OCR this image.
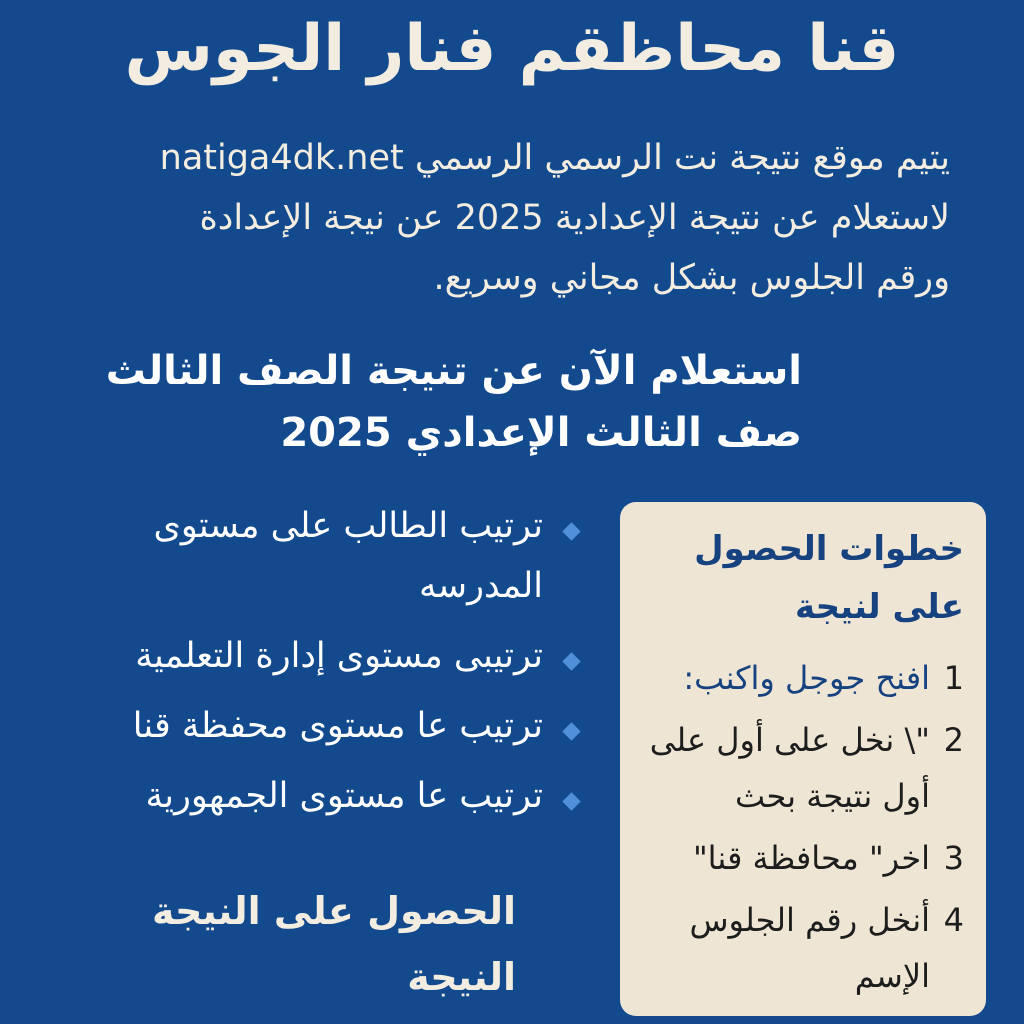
قنا محاظقم فنار الجوس
يتيم موقع نتيجة نت الرسمي الرسمي natiga4dk.net
لاستعلام عن نتيجة الإعدادية 2025 عن نيجة الإعدادة
ورقم الجلوس بشكل مجاني وسريع.
استعلام الآن عن تنيجة الصف الثالث
صف الثالث الإعدادي 2025
ترتيب الطالب على مستوى المدرسه
ترتيبى مستوى إدارة التعلمية
ترتيب عا مستوى محفظة قنا
ترتيب عا مستوى الجمهورية
الحصول على النيجة
النيجة
خطوات الحصول
على لنيجة
1
افنح جوجل واكنب:
2
"\ نخل على أول على أول نتيجة بحث
3
اخر" محافظة قنا"
4
أنخل رقم الجلوس الإسم
